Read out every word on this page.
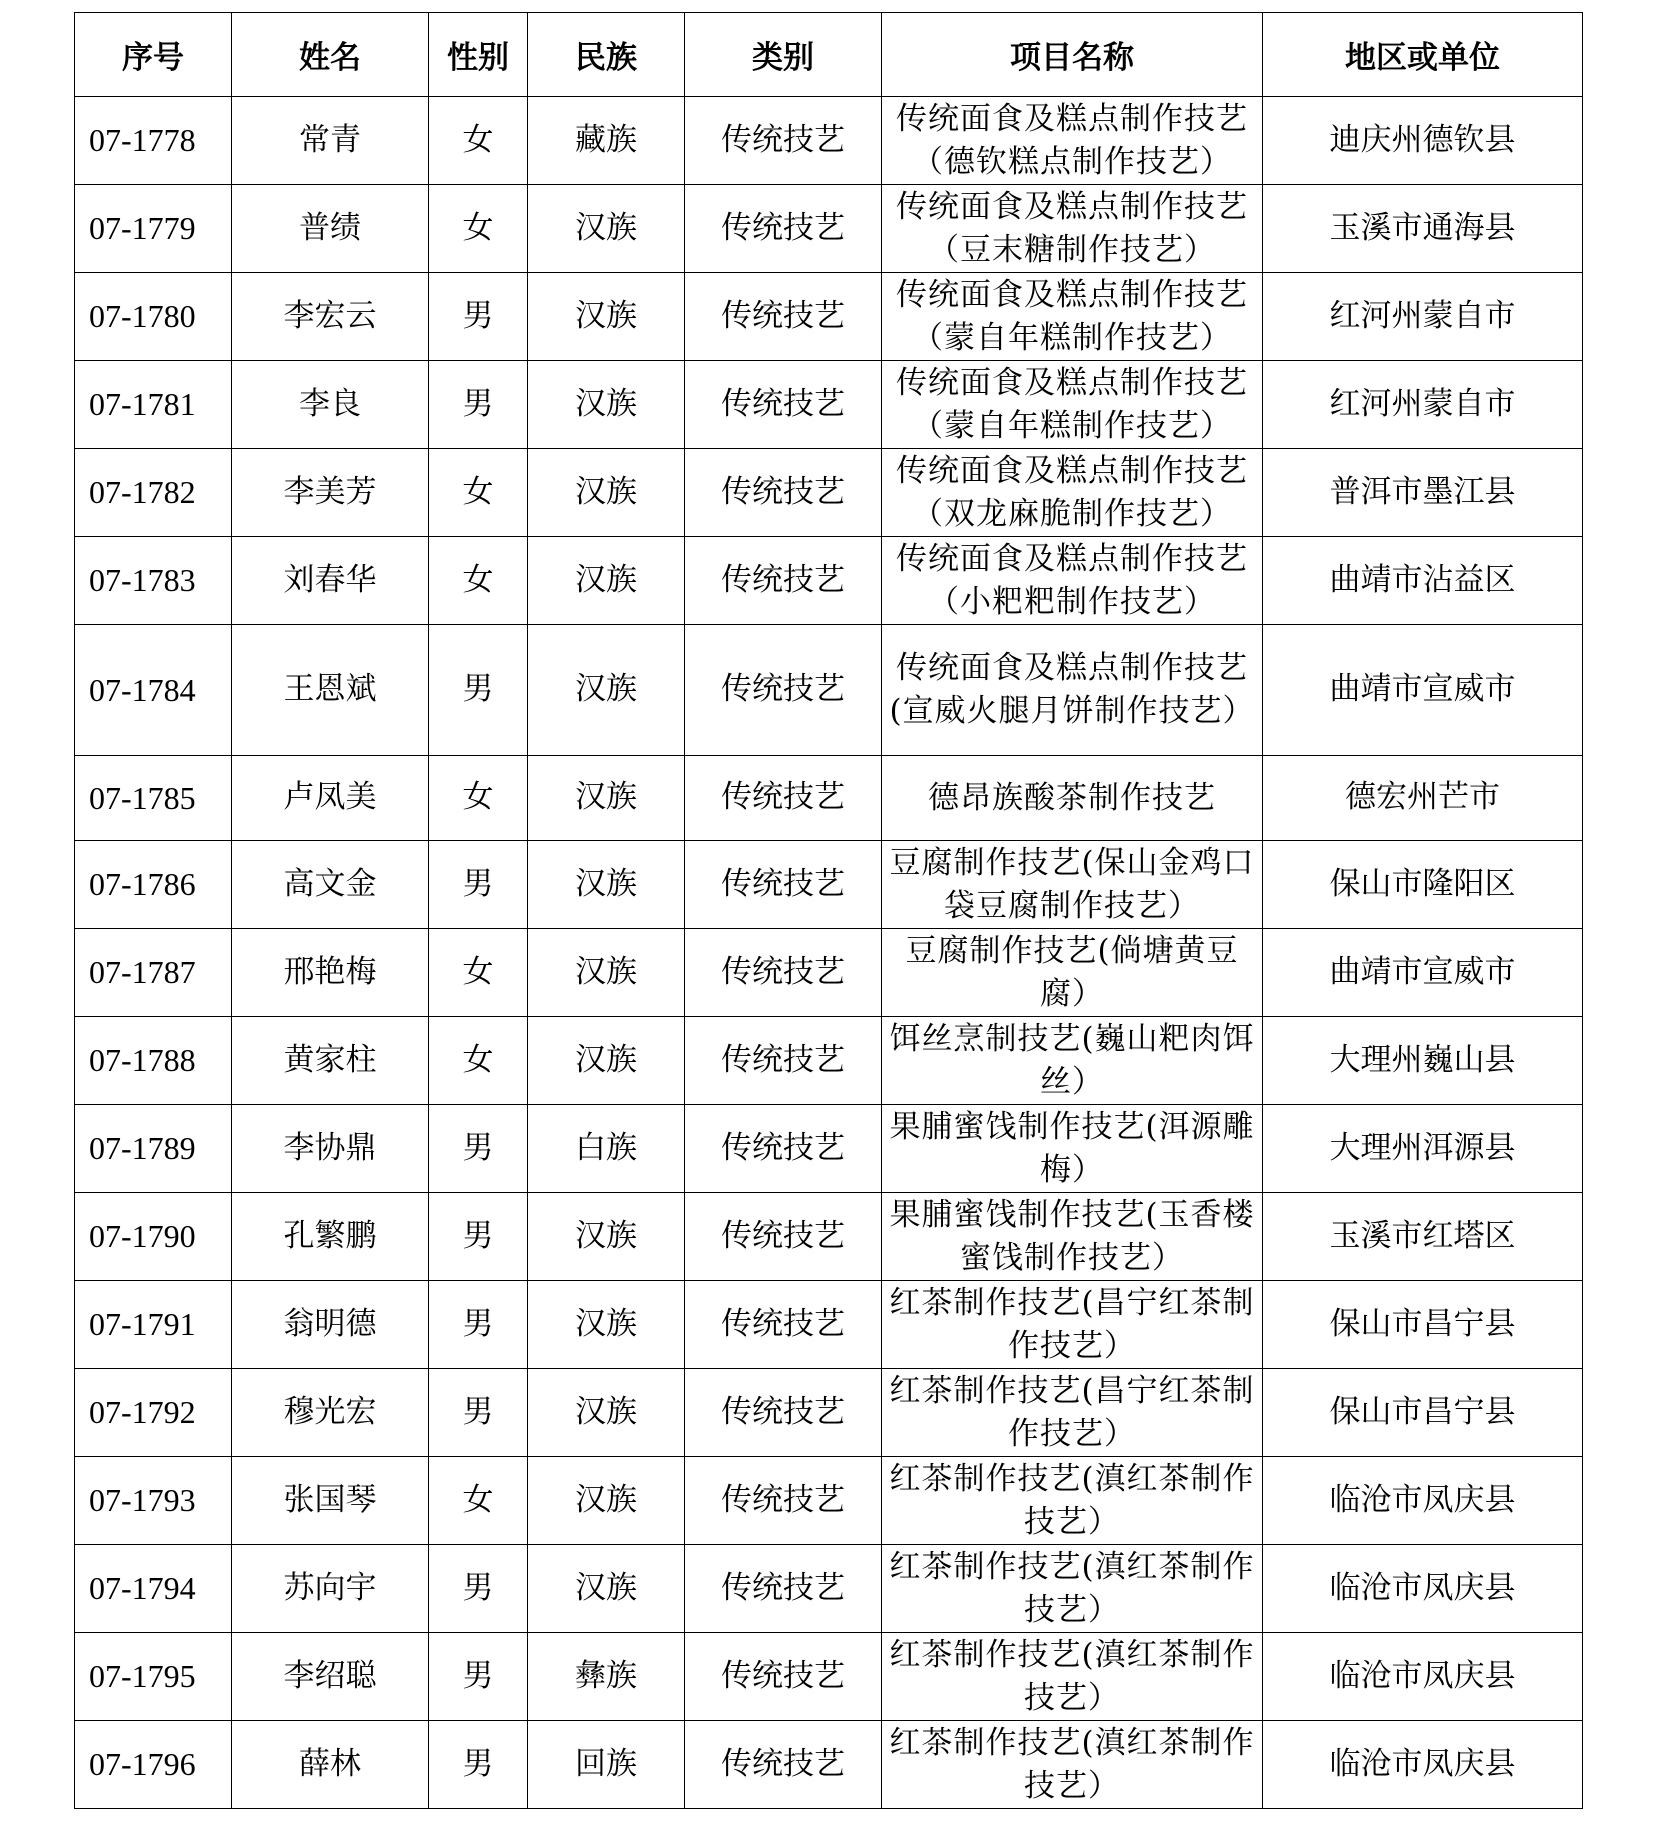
序号	姓名	性别	民族	类别	项目名称	地区或单位
07-1778	常青	女	藏族	传统技艺	传统面食及糕点制作技艺（德钦糕点制作技艺）	迪庆州德钦县
07-1779	普绩	女	汉族	传统技艺	传统面食及糕点制作技艺（豆末糖制作技艺）	玉溪市通海县
07-1780	李宏云	男	汉族	传统技艺	传统面食及糕点制作技艺（蒙自年糕制作技艺）	红河州蒙自市
07-1781	李良	男	汉族	传统技艺	传统面食及糕点制作技艺（蒙自年糕制作技艺）	红河州蒙自市
07-1782	李美芳	女	汉族	传统技艺	传统面食及糕点制作技艺（双龙麻脆制作技艺）	普洱市墨江县
07-1783	刘春华	女	汉族	传统技艺	传统面食及糕点制作技艺（小粑粑制作技艺）	曲靖市沾益区
07-1784	王恩斌	男	汉族	传统技艺	传统面食及糕点制作技艺(宣威火腿月饼制作技艺）	曲靖市宣威市
07-1785	卢凤美	女	汉族	传统技艺	德昂族酸茶制作技艺	德宏州芒市
07-1786	高文金	男	汉族	传统技艺	豆腐制作技艺(保山金鸡口袋豆腐制作技艺）	保山市隆阳区
07-1787	邢艳梅	女	汉族	传统技艺	豆腐制作技艺(倘塘黄豆腐）	曲靖市宣威市
07-1788	黄家柱	女	汉族	传统技艺	饵丝烹制技艺(巍山粑肉饵丝）	大理州巍山县
07-1789	李协鼎	男	白族	传统技艺	果脯蜜饯制作技艺(洱源雕梅）	大理州洱源县
07-1790	孔繁鹏	男	汉族	传统技艺	果脯蜜饯制作技艺(玉香楼蜜饯制作技艺）	玉溪市红塔区
07-1791	翁明德	男	汉族	传统技艺	红茶制作技艺(昌宁红茶制作技艺）	保山市昌宁县
07-1792	穆光宏	男	汉族	传统技艺	红茶制作技艺(昌宁红茶制作技艺）	保山市昌宁县
07-1793	张国琴	女	汉族	传统技艺	红茶制作技艺(滇红茶制作技艺）	临沧市凤庆县
07-1794	苏向宇	男	汉族	传统技艺	红茶制作技艺(滇红茶制作技艺）	临沧市凤庆县
07-1795	李绍聪	男	彝族	传统技艺	红茶制作技艺(滇红茶制作技艺）	临沧市凤庆县
07-1796	薛林	男	回族	传统技艺	红茶制作技艺(滇红茶制作技艺）	临沧市凤庆县
